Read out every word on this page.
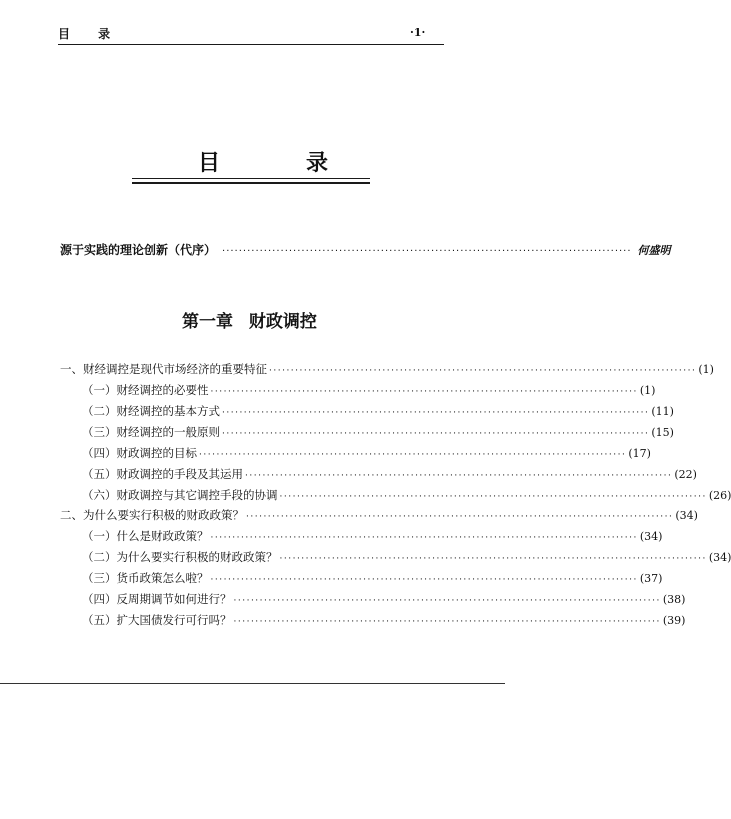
目 录	·1·
目	录
源于实践的理论创新（代序） ·································································································· 何盛明
第一章 财政调控
一、财经调控是现代市场经济的重要特征 ·································································································· (1)
（一）财经调控的必要性 ·································································································· (1)
（二）财经调控的基本方式 ·································································································· (11)
（三）财经调控的一般原则 ·································································································· (15)
（四）财政调控的目标 ·································································································· (17)
（五）财政调控的手段及其运用 ·································································································· (22)
（六）财政调控与其它调控手段的协调 ·································································································· (26)
二、为什么要实行积极的财政政策？ ·································································································· (34)
（一）什么是财政政策？ ·································································································· (34)
（二）为什么要实行积极的财政政策？ ·································································································· (34)
（三）货币政策怎么啦？ ·································································································· (37)
（四）反周期调节如何进行？ ·································································································· (38)
（五）扩大国债发行可行吗？ ·································································································· (39)
